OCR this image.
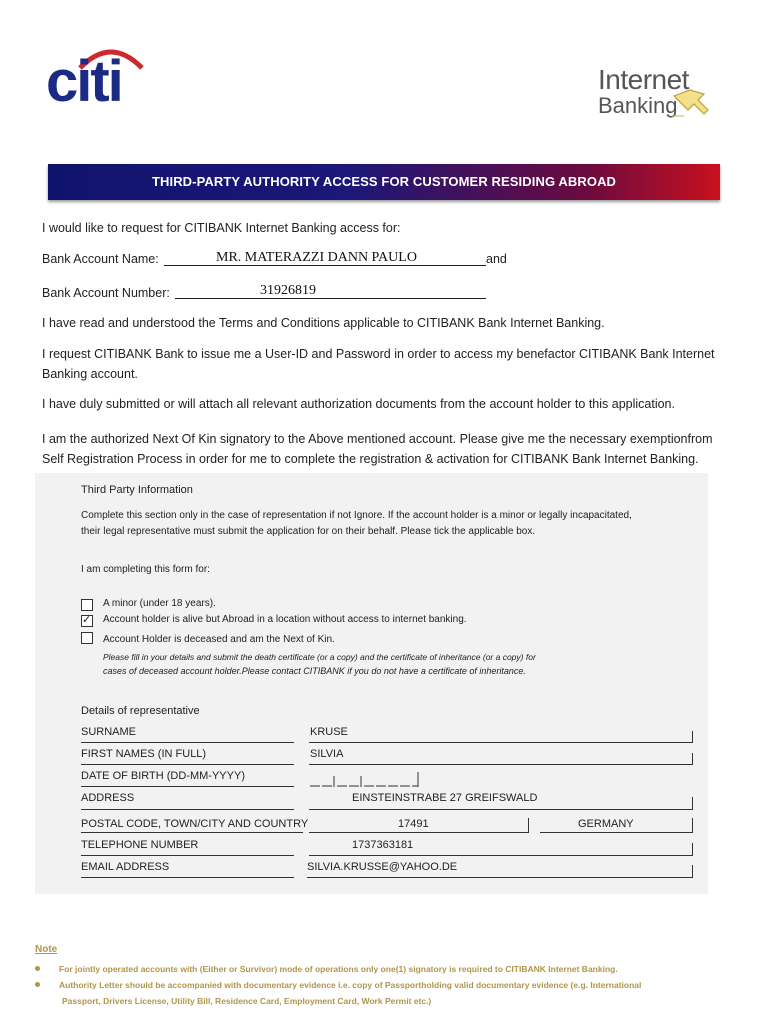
citi	Internet
Banking
THIRD-PARTY AUTHORITY ACCESS FOR CUSTOMER RESIDING ABROAD
I would like to request for CITIBANK Internet Banking access for:
Bank Account Name:	MR. MATERAZZI DANN PAULO	and
Bank Account Number:	31926819
I have read and understood the Terms and Conditions applicable to CITIBANK Bank Internet Banking.
I request CITIBANK Bank to issue me a User-ID and Password in order to access my benefactor CITIBANK Bank Internet
Banking account.
I have duly submitted or will attach all relevant authorization documents from the account holder to this application.
I am the authorized Next Of Kin signatory to the Above mentioned account. Please give me the necessary exemptionfrom
Self Registration Process in order for me to complete the registration & activation for CITIBANK Bank Internet Banking.
Third Party Information
Complete this section only in the case of representation if not Ignore. If the account holder is a minor or legally incapacitated,
their legal representative must submit the application for on their behalf. Please tick the applicable box.
I am completing this form for:
A minor (under 18 years).
✓ Account holder is alive but Abroad in a location without access to internet banking.
Account Holder is deceased and am the Next of Kin.
Please fill in your details and submit the death certificate (or a copy) and the certificate of inheritance (or a copy) for
cases of deceased account holder.Please contact CITIBANK if you do not have a certificate of inheritance.
Details of representative
SURNAME	KRUSE
FIRST NAMES (IN FULL)	SILVIA
DATE OF BIRTH (DD-MM-YYYY)
ADDRESS	EINSTEINSTRABE 27 GREIFSWALD
POSTAL CODE, TOWN/CITY AND COUNTRY	17491	GERMANY
TELEPHONE NUMBER	1737363181
EMAIL ADDRESS	SILVIA.KRUSSE@YAHOO.DE
Note
For jointly operated accounts with (Either or Survivor) mode of operations only one(1) signatory is required to CITIBANK Internet Banking.
Authority Letter should be accompanied with documentary evidence i.e. copy of Passportholding valid documentary evidence (e.g. International
Passport, Drivers License, Utility Bill, Residence Card, Employment Card, Work Permit etc.)
